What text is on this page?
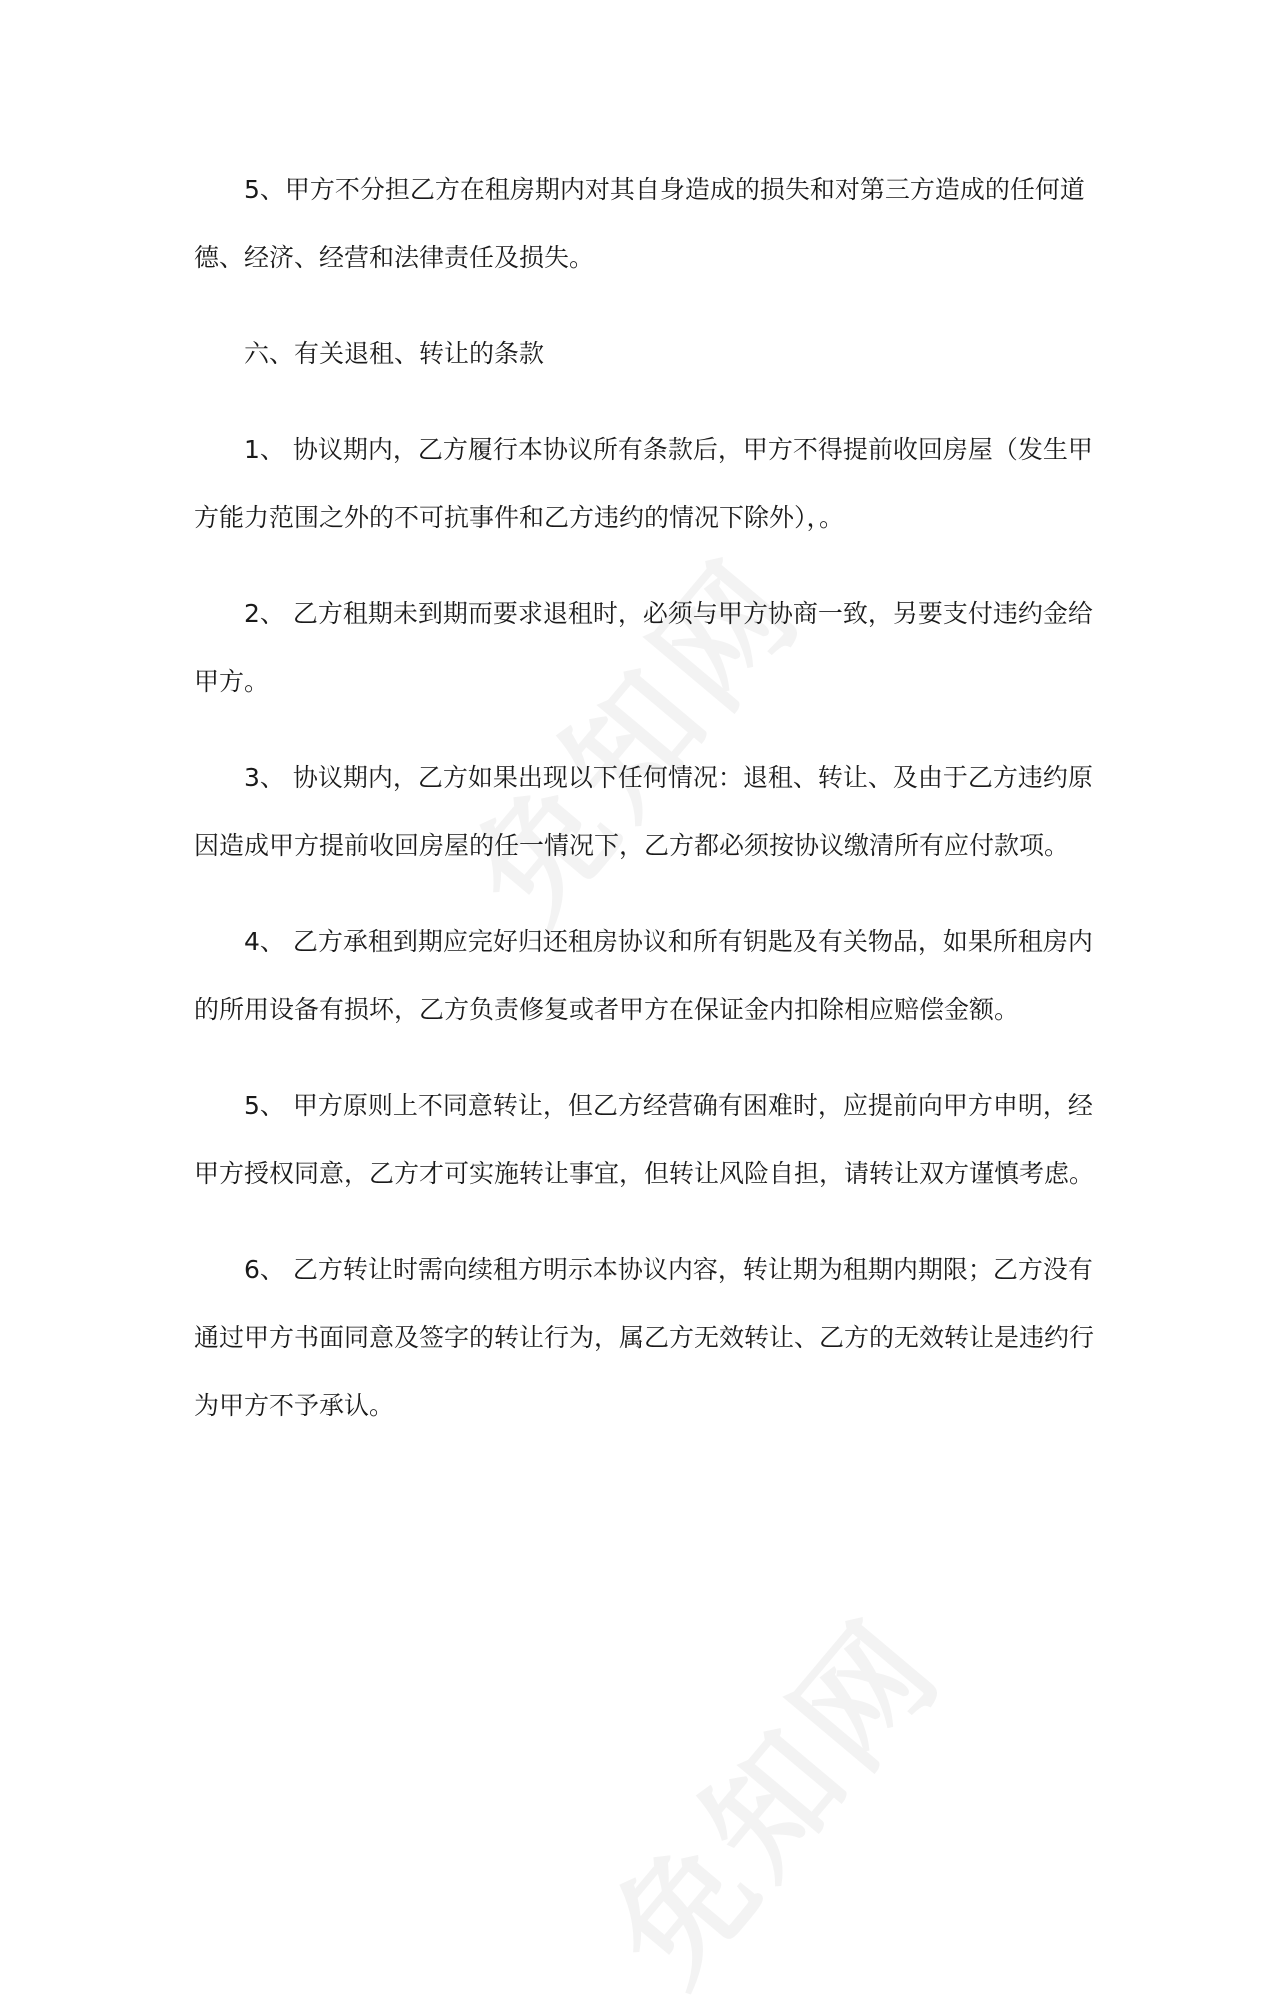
5、甲方不分担乙方在租房期内对其自身造成的损失和对第三方造成的任何道德、经济、经营和法律责任及损失。

六、有关退租、转让的条款

1、 协议期内，乙方履行本协议所有条款后，甲方不得提前收回房屋（发生甲方能力范围之外的不可抗事件和乙方违约的情况下除外），。

2、 乙方租期未到期而要求退租时，必须与甲方协商一致，另要支付违约金给甲方。

3、 协议期内，乙方如果出现以下任何情况：退租、转让、及由于乙方违约原因造成甲方提前收回房屋的任一情况下，乙方都必须按协议缴清所有应付款项。

4、 乙方承租到期应完好归还租房协议和所有钥匙及有关物品，如果所租房内的所用设备有损坏，乙方负责修复或者甲方在保证金内扣除相应赔偿金额。

5、 甲方原则上不同意转让，但乙方经营确有困难时，应提前向甲方申明，经甲方授权同意，乙方才可实施转让事宜，但转让风险自担，请转让双方谨慎考虑。

6、 乙方转让时需向续租方明示本协议内容，转让期为租期内期限；乙方没有通过甲方书面同意及签字的转让行为，属乙方无效转让、乙方的无效转让是违约行为甲方不予承认。
